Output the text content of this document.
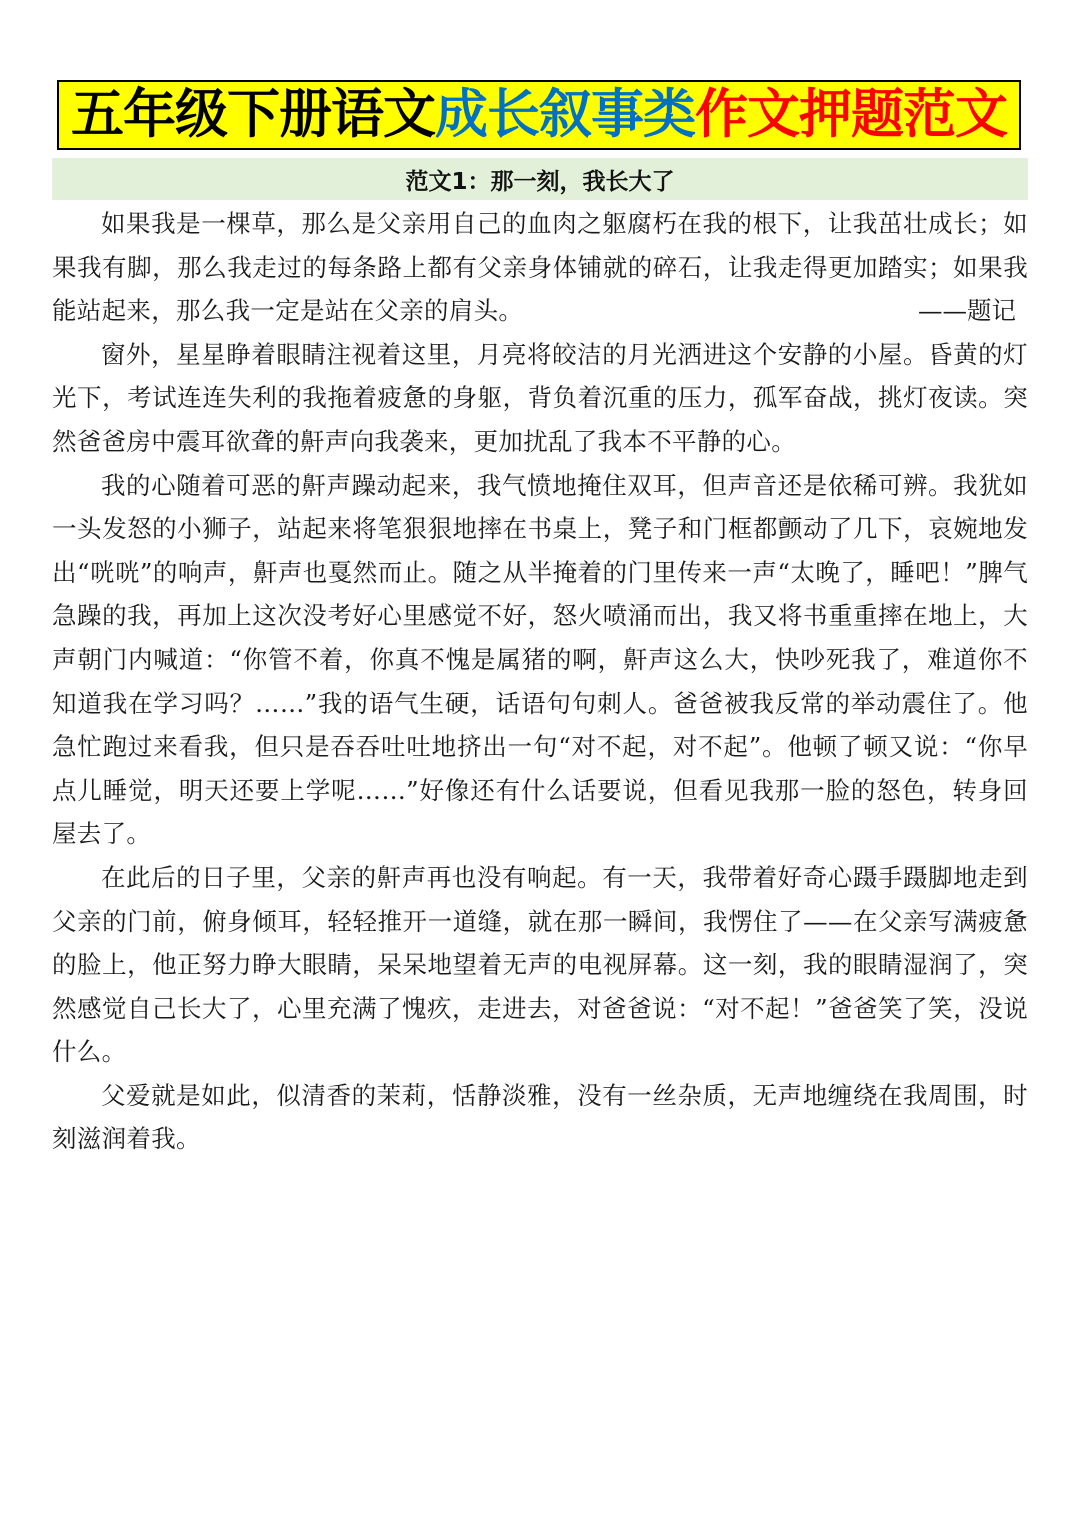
五年级下册语文 成长叙事类 作文押题范文
范文1：那一刻，我长大了

如果我是一棵草，那么是父亲用自己的血肉之躯腐朽在我的根下，让我茁壮成长；如果我有脚，那么我走过的每条路上都有父亲身体铺就的碎石，让我走得更加踏实；如果我能站起来，那么我一定是站在父亲的肩头。	——题记

窗外，星星睁着眼睛注视着这里，月亮将皎洁的月光洒进这个安静的小屋。昏黄的灯光下，考试连连失利的我拖着疲惫的身躯，背负着沉重的压力，孤军奋战，挑灯夜读。突然爸爸房中震耳欲聋的鼾声向我袭来，更加扰乱了我本不平静的心。

我的心随着可恶的鼾声躁动起来，我气愤地掩住双耳，但声音还是依稀可辨。我犹如一头发怒的小狮子，站起来将笔狠狠地摔在书桌上，凳子和门框都颤动了几下，哀婉地发出“咣咣”的响声，鼾声也戛然而止。随之从半掩着的门里传来一声“太晚了，睡吧！”脾气急躁的我，再加上这次没考好心里感觉不好，怒火喷涌而出，我又将书重重摔在地上，大声朝门内喊道：“你管不着，你真不愧是属猪的啊，鼾声这么大，快吵死我了，难道你不知道我在学习吗？……”我的语气生硬，话语句句刺人。爸爸被我反常的举动震住了。他急忙跑过来看我，但只是吞吞吐吐地挤出一句“对不起，对不起”。他顿了顿又说：“你早点儿睡觉，明天还要上学呢……”好像还有什么话要说，但看见我那一脸的怒色，转身回屋去了。

在此后的日子里，父亲的鼾声再也没有响起。有一天，我带着好奇心蹑手蹑脚地走到父亲的门前，俯身倾耳，轻轻推开一道缝，就在那一瞬间，我愣住了——在父亲写满疲惫的脸上，他正努力睁大眼睛，呆呆地望着无声的电视屏幕。这一刻，我的眼睛湿润了，突然感觉自己长大了，心里充满了愧疚，走进去，对爸爸说：“对不起！”爸爸笑了笑，没说什么。

父爱就是如此，似清香的茉莉，恬静淡雅，没有一丝杂质，无声地缠绕在我周围，时刻滋润着我。
